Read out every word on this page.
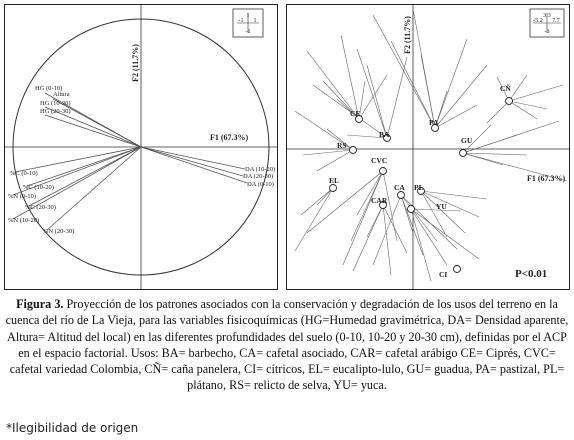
F2 (11.7%)
F1 (67.3%)
1
-1 1
-1
HG (0-10)
Altura
HG (10-20)
HG (20-30)
%C (0-10)
%C (10-20)
%N (0-10)
%C (20-30)
%N (10-20)
%N (20-30)
DA (10-20)
DA (20-30)
DA (0-10)
F2 (11.7%)
F1 (67.3%)
3.3
-5.2 7.7
-3
CÑ
CE
BA
PA
GU
RS
CVC
EL
CA PL
CAR
YU
CI	P<0.01
Figura 3. Proyección de los patrones asociados con la conservación y degradación de los usos del terreno en la cuenca del río de La Vieja, para las variables fisicoquímicas (HG=Humedad gravimétrica, DA= Densidad aparente, Altura= Altitud del local) en las diferentes profundidades del suelo (0-10, 10-20 y 20-30 cm), definidas por el ACP en el espacio factorial. Usos: BA= barbecho, CA= cafetal asociado, CAR= cafetal arábigo CE= Ciprés, CVC= cafetal variedad Colombia, CÑ= caña panelera, CI= cítricos, EL= eucalipto-lulo, GU= guadua, PA= pastizal, PL= plátano, RS= relicto de selva, YU= yuca.
*Ilegibilidad de origen
